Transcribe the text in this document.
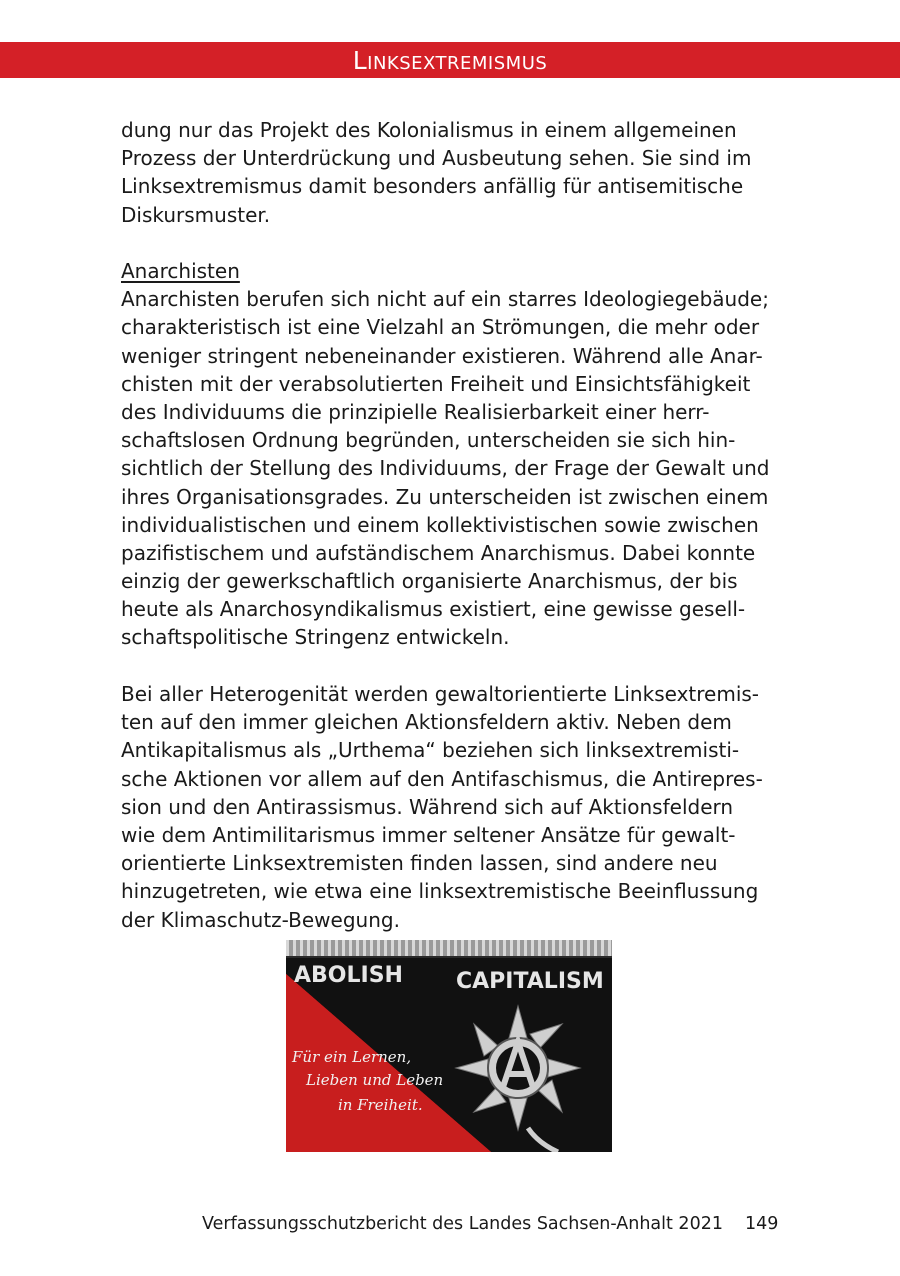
Linksextremismus
dung nur das Projekt des Kolonialismus in einem allgemeinen
Prozess der Unterdrückung und Ausbeutung sehen. Sie sind im
Linksextremismus damit besonders anfällig für antisemitische
Diskursmuster.
Anarchisten
Anarchisten berufen sich nicht auf ein starres Ideologiegebäude;
charakteristisch ist eine Vielzahl an Strömungen, die mehr oder
weniger stringent nebeneinander existieren. Während alle Anar-
chisten mit der verabsolutierten Freiheit und Einsichtsfähigkeit
des Individuums die prinzipielle Realisierbarkeit einer herr-
schaftslosen Ordnung begründen, unterscheiden sie sich hin-
sichtlich der Stellung des Individuums, der Frage der Gewalt und
ihres Organisationsgrades. Zu unterscheiden ist zwischen einem
individualistischen und einem kollektivistischen sowie zwischen
pazifistischem und aufständischem Anarchismus. Dabei konnte
einzig der gewerkschaftlich organisierte Anarchismus, der bis
heute als Anarchosyndikalismus existiert, eine gewisse gesell-
schaftspolitische Stringenz entwickeln.
Bei aller Heterogenität werden gewaltorientierte Linksextremis-
ten auf den immer gleichen Aktionsfeldern aktiv. Neben dem
Antikapitalismus als „Urthema“ beziehen sich linksextremisti-
sche Aktionen vor allem auf den Antifaschismus, die Antirepres-
sion und den Antirassismus. Während sich auf Aktionsfeldern
wie dem Antimilitarismus immer seltener Ansätze für gewalt-
orientierte Linksextremisten finden lassen, sind andere neu
hinzugetreten, wie etwa eine linksextremistische Beeinflussung
der Klimaschutz-Bewegung.
ABOLISH CAPITALISM
Für ein Lernen,
Lieben und Leben
in Freiheit.
Verfassungsschutzbericht des Landes Sachsen-Anhalt 2021 149
